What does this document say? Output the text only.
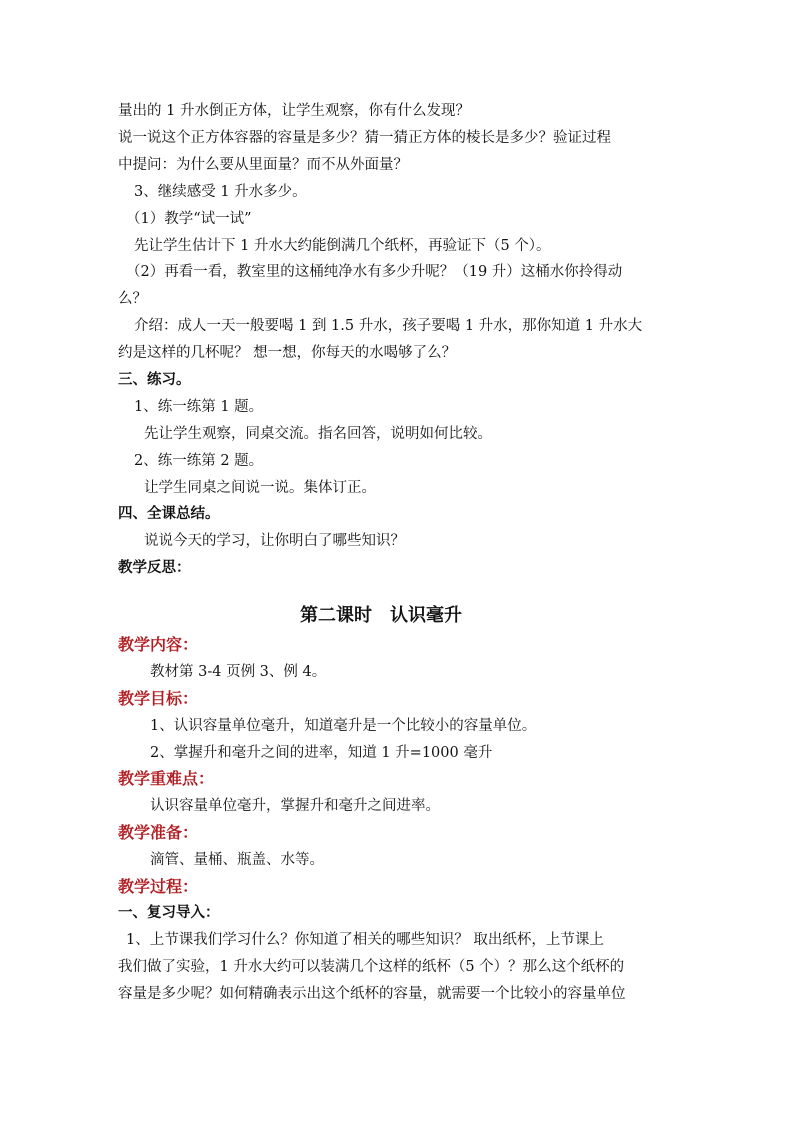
量出的 1 升水倒正方体，让学生观察，你有什么发现？
说一说这个正方体容器的容量是多少？猜一猜正方体的棱长是多少？验证过程
中提问：为什么要从里面量？而不从外面量？
3、继续感受 1 升水多少。
（1）教学“试一试”
先让学生估计下 1 升水大约能倒满几个纸杯，再验证下（5 个）。
（2）再看一看，教室里的这桶纯净水有多少升呢？（19 升）这桶水你拎得动
么？
介绍：成人一天一般要喝 1 到 1.5 升水，孩子要喝 1 升水，那你知道 1 升水大
约是这样的几杯呢？ 想一想，你每天的水喝够了么？
三、练习。
1、练一练第 1 题。
先让学生观察，同桌交流。指名回答，说明如何比较。
2、练一练第 2 题。
让学生同桌之间说一说。集体订正。
四、全课总结。
说说今天的学习，让你明白了哪些知识？
教学反思：
第二课时 认识毫升
教学内容：
教材第 3-4 页例 3、例 4。
教学目标：
1、认识容量单位毫升，知道毫升是一个比较小的容量单位。
2、掌握升和毫升之间的进率，知道 1 升=1000 毫升
教学重难点：
认识容量单位毫升，掌握升和毫升之间进率。
教学准备：
滴管、量桶、瓶盖、水等。
教学过程：
一、复习导入：
1、上节课我们学习什么？你知道了相关的哪些知识？ 取出纸杯，上节课上
我们做了实验，1 升水大约可以装满几个这样的纸杯（5 个）？那么这个纸杯的
容量是多少呢？如何精确表示出这个纸杯的容量，就需要一个比较小的容量单位
